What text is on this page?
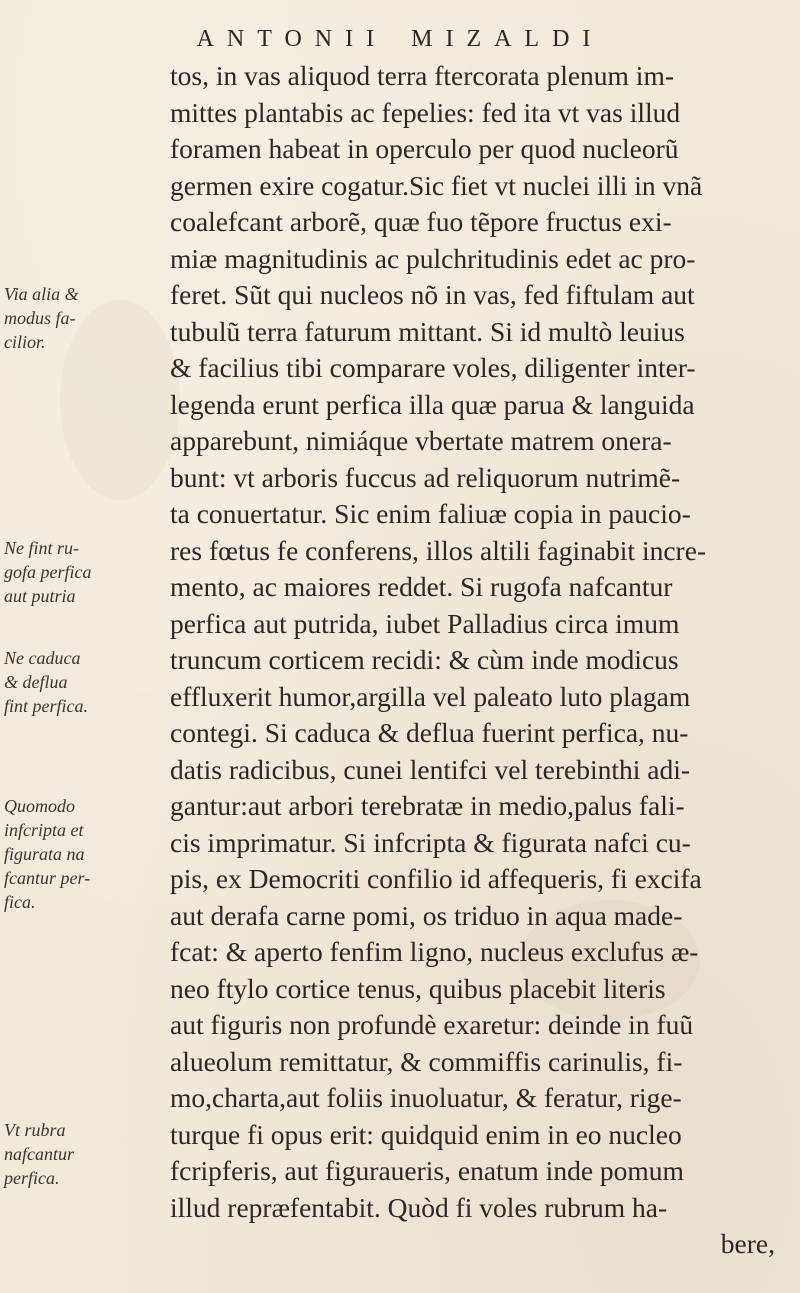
ANTONII MIZALDI
tos, in vas aliquod terra ftercorata plenum im-
mittes plantabis ac fepelies: fed ita vt vas illud
foramen habeat in operculo per quod nucleorũ
germen exire cogatur.Sic fiet vt nuclei illi in vnã
coalefcant arborẽ, quæ fuo tẽpore fructus exi-
miæ magnitudinis ac pulchritudinis edet ac pro-
feret. Sũt qui nucleos nõ in vas, fed fiftulam aut
tubulũ terra faturum mittant. Si id multò leuius
& facilius tibi comparare voles, diligenter inter-
legenda erunt perfica illa quæ parua & languida
apparebunt, nimiáque vbertate matrem onera-
bunt: vt arboris fuccus ad reliquorum nutrimẽ-
ta conuertatur. Sic enim faliuæ copia in paucio-
res fœtus fe conferens, illos altili faginabit incre-
mento, ac maiores reddet. Si rugofa nafcantur
perfica aut putrida, iubet Palladius circa imum
truncum corticem recidi: & cùm inde modicus
effluxerit humor,argilla vel paleato luto plagam
contegi. Si caduca & deflua fuerint perfica, nu-
datis radicibus, cunei lentifci vel terebinthi adi-
gantur:aut arbori terebratæ in medio,palus fali-
cis imprimatur. Si infcripta & figurata nafci cu-
pis, ex Democriti confilio id affequeris, fi excifa
aut derafa carne pomi, os triduo in aqua made-
fcat: & aperto fenfim ligno, nucleus exclufus æ-
neo ftylo cortice tenus, quibus placebit literis
aut figuris non profundè exaretur: deinde in fuũ
alueolum remittatur, & commiffis carinulis, fi-
mo,charta,aut foliis inuoluatur, & feratur, rige-
turque fi opus erit: quidquid enim in eo nucleo
fcripferis, aut figuraueris, enatum inde pomum
illud repræfentabit. Quòd fi voles rubrum ha-
bere,
Via alia &
modus fa-
cilior.
Ne fint ru-
gofa perfica
aut putria
Ne caduca
& deflua
fint perfica.
Quomodo
infcripta et
figurata na
fcantur per-
fica.
Vt rubra
nafcantur
perfica.
